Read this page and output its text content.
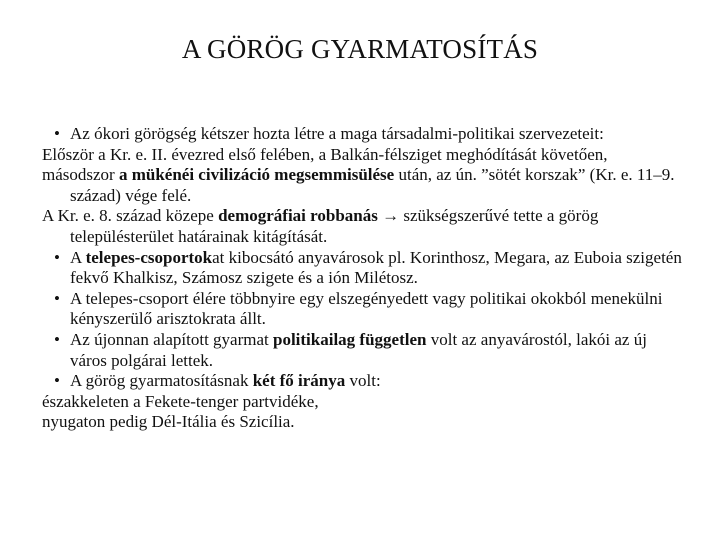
A GÖRÖG GYARMATOSÍTÁS

• Az ókori görögség kétszer hozta létre a maga társadalmi-politikai szervezeteit:

Először a Kr. e. II. évezred első felében, a Balkán-félsziget meghódítását követően,

másodszor a mükénéi civilizáció megsemmisülése után, az ún. ”sötét korszak” (Kr. e. 11–9. század) vége felé.

A Kr. e. 8. század közepe demográfiai robbanás → szükségszerűvé tette a görög településterület határainak kitágítását.

• A telepes-csoportokat kibocsátó anyavárosok pl. Korinthosz, Megara, az Euboia szigetén fekvő Khalkisz, Számosz szigete és a ión Milétosz.

• A telepes-csoport élére többnyire egy elszegényedett vagy politikai okokból menekülni kényszerülő arisztokrata állt.

• Az újonnan alapított gyarmat politikailag független volt az anyavárostól, lakói az új város polgárai lettek.

• A görög gyarmatosításnak két fő iránya volt:

északkeleten a Fekete-tenger partvidéke,

nyugaton pedig Dél-Itália és Szicília.
